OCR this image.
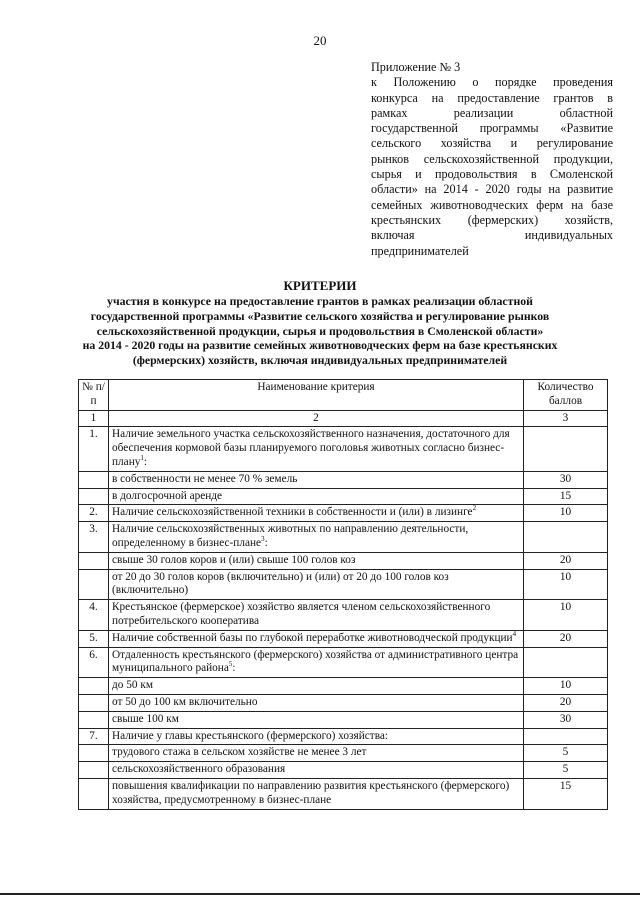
20
Приложение № 3
к Положению о порядке проведения
конкурса на предоставление грантов в
рамках реализации областной
государственной программы «Развитие
сельского хозяйства и регулирование
рынков сельскохозяйственной продукции,
сырья и продовольствия в Смоленской
области» на 2014 - 2020 годы на развитие
семейных животноводческих ферм на базе
крестьянских (фермерских) хозяйств,
включая индивидуальных
предпринимателей
КРИТЕРИИ
участия в конкурсе на предоставление грантов в рамках реализации областной
государственной программы «Развитие сельского хозяйства и регулирование рынков
сельскохозяйственной продукции, сырья и продовольствия в Смоленской области»
на 2014 - 2020 годы на развитие семейных животноводческих ферм на базе крестьянских
(фермерских) хозяйств, включая индивидуальных предпринимателей
№ п/п	Наименование критерия	Количество баллов
1	2	3
1.	Наличие земельного участка сельскохозяйственного назначения, достаточного для обеспечения кормовой базы планируемого поголовья животных согласно бизнес-плану$^1$:	
	в собственности не менее 70 % земель	30
	в долгосрочной аренде	15
2.	Наличие сельскохозяйственной техники в собственности и (или) в лизинге$^2$	10
3.	Наличие сельскохозяйственных животных по направлению деятельности, определенному в бизнес-плане$^3$:	
	свыше 30 голов коров и (или) свыше 100 голов коз	20
	от 20 до 30 голов коров (включительно) и (или) от 20 до 100 голов коз (включительно)	10
4.	Крестьянское (фермерское) хозяйство является членом сельскохозяйственного потребительского кооператива	10
5.	Наличие собственной базы по глубокой переработке животноводческой продукции$^4$	20
6.	Отдаленность крестьянского (фермерского) хозяйства от административного центра муниципального района$^5$:	
	до 50 км	10
	от 50 до 100 км включительно	20
	свыше 100 км	30
7.	Наличие у главы крестьянского (фермерского) хозяйства:	
	трудового стажа в сельском хозяйстве не менее 3 лет	5
	сельскохозяйственного образования	5
	повышения квалификации по направлению развития крестьянского (фермерского) хозяйства, предусмотренному в бизнес-плане	15
